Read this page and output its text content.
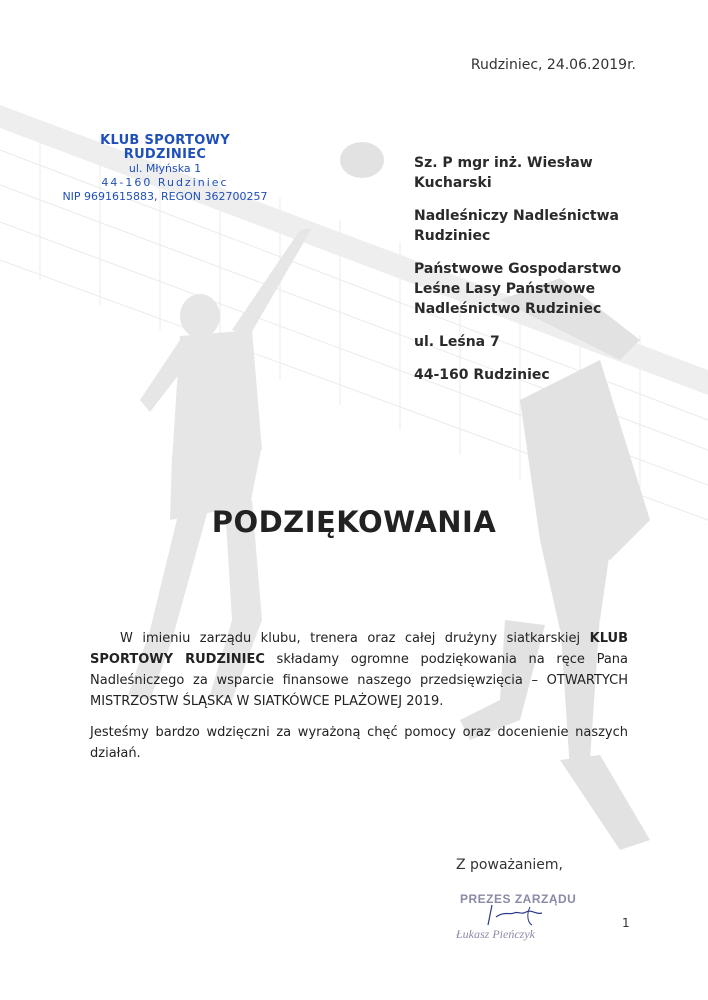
Rudziniec, 24.06.2019r.
KLUB SPORTOWY RUDZINIEC
ul. Młyńska 1
44-160 Rudziniec
NIP 9691615883, REGON 362700257

Sz. P mgr inż. Wiesław
Kucharski

Nadleśniczy Nadleśnictwa
Rudziniec

Państwowe Gospodarstwo
Leśne Lasy Państwowe
Nadleśnictwo Rudziniec

ul. Leśna 7

44-160 Rudziniec

PODZIĘKOWANIA

W imieniu zarządu klubu, trenera oraz całej drużyny siatkarskiej KLUB SPORTOWY RUDZINIEC składamy ogromne podziękowania na ręce Pana Nadleśniczego za wsparcie finansowe naszego przedsięwzięcia – OTWARTYCH MISTRZOSTW ŚLĄSKA W SIATKÓWCE PLAŻOWEJ 2019.

Jesteśmy bardzo wdzięczni za wyrażoną chęć pomocy oraz docenienie naszych działań.

Z poważaniem,
PREZES ZARZĄDU
Łukasz Pieńczyk
1
